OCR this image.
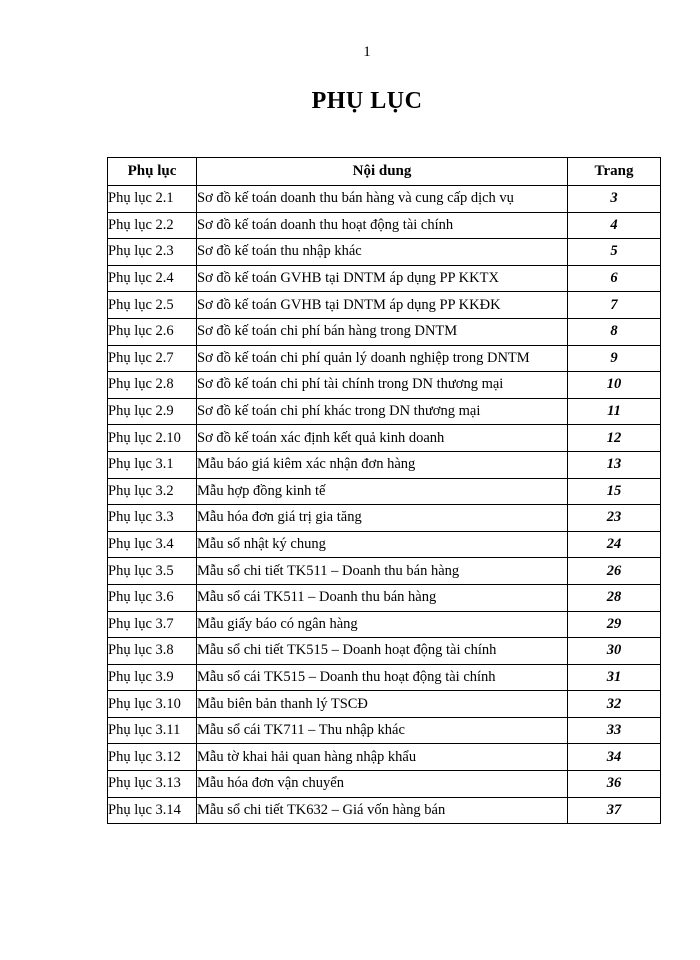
1
PHỤ LỤC
Phụ lục	Nội dung	Trang
Phụ lục 2.1	Sơ đồ kế toán doanh thu bán hàng và cung cấp dịch vụ	3
Phụ lục 2.2	Sơ đồ kế toán doanh thu hoạt động tài chính	4
Phụ lục 2.3	Sơ đồ kế toán thu nhập khác	5
Phụ lục 2.4	Sơ đồ kế toán GVHB tại DNTM áp dụng PP KKTX	6
Phụ lục 2.5	Sơ đồ kế toán GVHB tại DNTM áp dụng PP KKĐK	7
Phụ lục 2.6	Sơ đồ kế toán chi phí bán hàng trong DNTM	8
Phụ lục 2.7	Sơ đồ kế toán chi phí quản lý doanh nghiệp trong DNTM	9
Phụ lục 2.8	Sơ đồ kế toán chi phí tài chính trong DN thương mại	10
Phụ lục 2.9	Sơ đồ kế toán chi phí khác trong DN thương mại	11
Phụ lục 2.10	Sơ đồ kế toán xác định kết quả kinh doanh	12
Phụ lục 3.1	Mẫu báo giá kiêm xác nhận đơn hàng	13
Phụ lục 3.2	Mẫu hợp đồng kinh tế	15
Phụ lục 3.3	Mẫu hóa đơn giá trị gia tăng	23
Phụ lục 3.4	Mẫu sổ nhật ký chung	24
Phụ lục 3.5	Mẫu sổ chi tiết TK511 – Doanh thu bán hàng	26
Phụ lục 3.6	Mẫu sổ cái TK511 – Doanh thu bán hàng	28
Phụ lục 3.7	Mẫu giấy báo có ngân hàng	29
Phụ lục 3.8	Mẫu sổ chi tiết TK515 – Doanh hoạt động tài chính	30
Phụ lục 3.9	Mẫu sổ cái TK515 – Doanh thu hoạt động tài chính	31
Phụ lục 3.10	Mẫu biên bản thanh lý TSCĐ	32
Phụ lục 3.11	Mẫu sổ cái TK711 – Thu nhập khác	33
Phụ lục 3.12	Mẫu tờ khai hải quan hàng nhập khẩu	34
Phụ lục 3.13	Mẫu hóa đơn vận chuyển	36
Phụ lục 3.14	Mẫu sổ chi tiết TK632 – Giá vốn hàng bán	37
